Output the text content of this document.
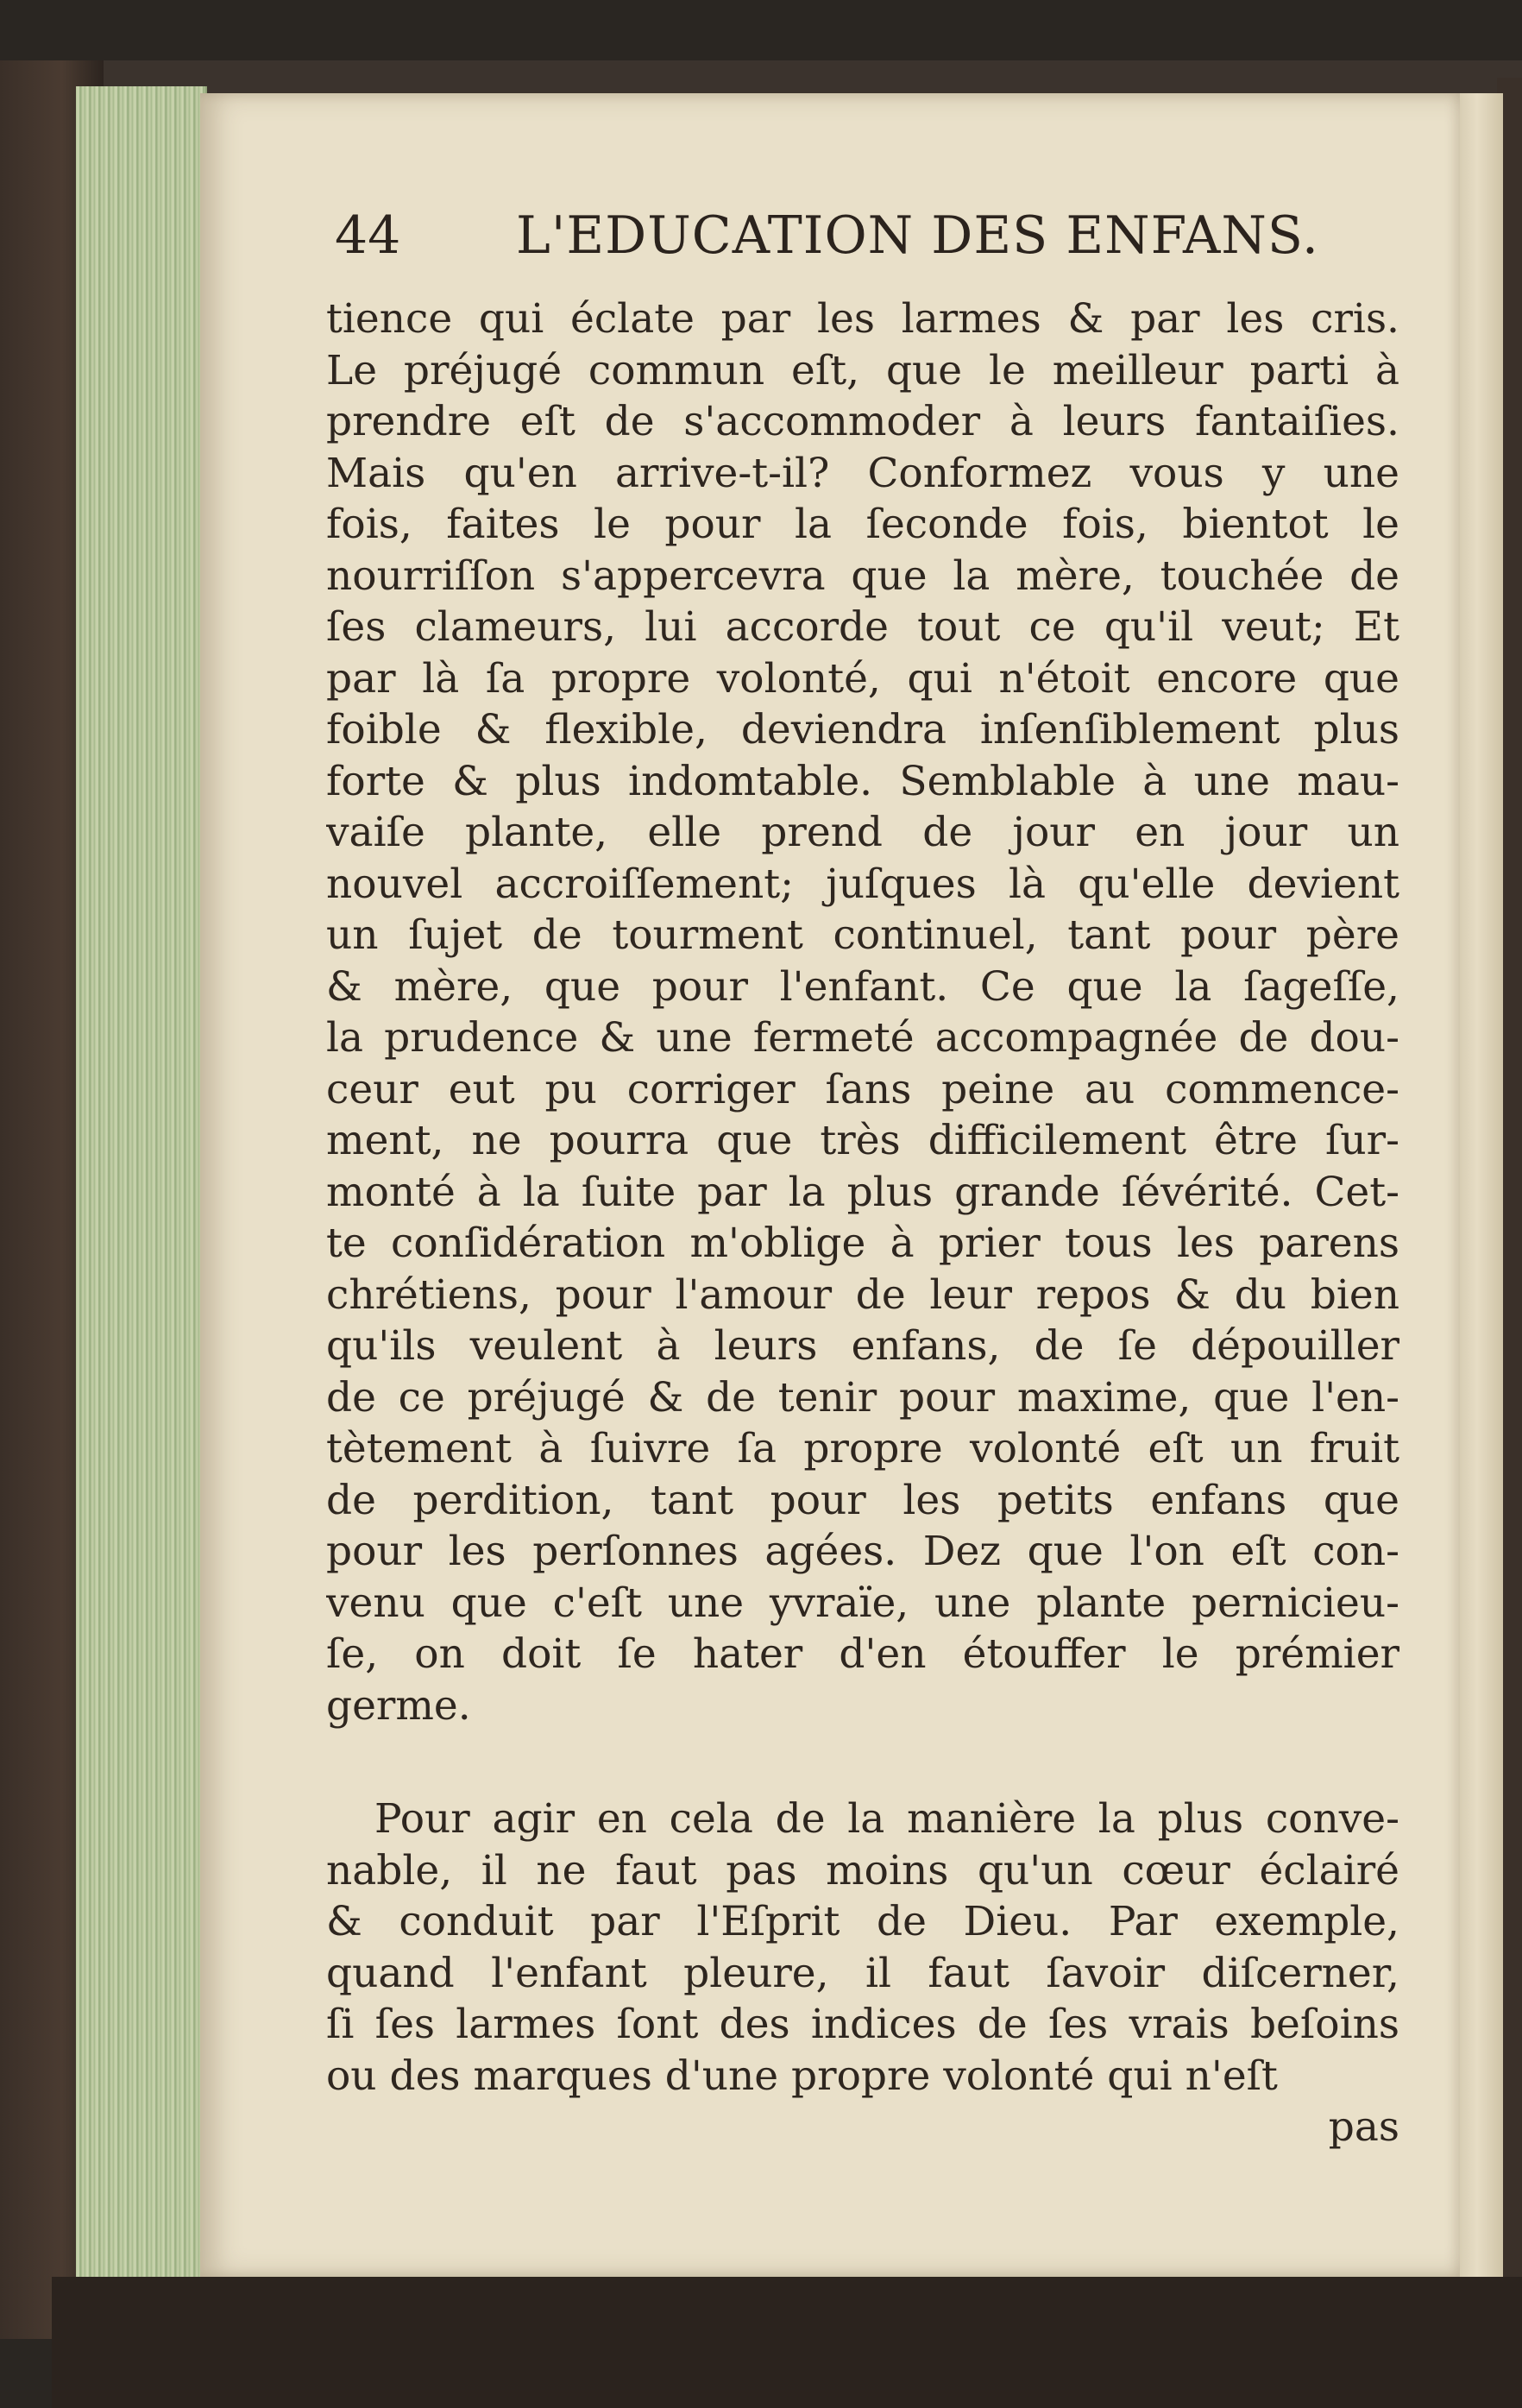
44 L'EDUCATION DES ENFANS.
tience qui éclate par les larmes & par les cris.
Le préjugé commun eſt, que le meilleur parti à
prendre eſt de s'accommoder à leurs fantaiſies.
Mais qu'en arrive-t-il? Conformez vous y une
fois, faites le pour la ſeconde fois, bientot le
nourriſſon s'appercevra que la mère, touchée de
ſes clameurs, lui accorde tout ce qu'il veut; Et
par là ſa propre volonté, qui n'étoit encore que
foible & flexible, deviendra inſenſiblement plus
forte & plus indomtable. Semblable à une mau-
vaiſe plante, elle prend de jour en jour un
nouvel accroiſſement; juſques là qu'elle devient
un ſujet de tourment continuel, tant pour père
& mère, que pour l'enfant. Ce que la ſageſſe,
la prudence & une fermeté accompagnée de dou-
ceur eut pu corriger ſans peine au commence-
ment, ne pourra que très difficilement être ſur-
monté à la ſuite par la plus grande ſévérité. Cet-
te conſidération m'oblige à prier tous les parens
chrétiens, pour l'amour de leur repos & du bien
qu'ils veulent à leurs enfans, de ſe dépouiller
de ce préjugé & de tenir pour maxime, que l'en-
tètement à ſuivre ſa propre volonté eſt un fruit
de perdition, tant pour les petits enfans que
pour les perſonnes agées. Dez que l'on eſt con-
venu que c'eſt une yvraïe, une plante pernicieu-
ſe, on doit ſe hater d'en étouffer le prémier
germe.
Pour agir en cela de la manière la plus conve-
nable, il ne faut pas moins qu'un cœur éclairé
& conduit par l'Eſprit de Dieu. Par exemple,
quand l'enfant pleure, il faut ſavoir diſcerner,
ſi ſes larmes ſont des indices de ſes vrais beſoins
ou des marques d'une propre volonté qui n'eſt
pas
